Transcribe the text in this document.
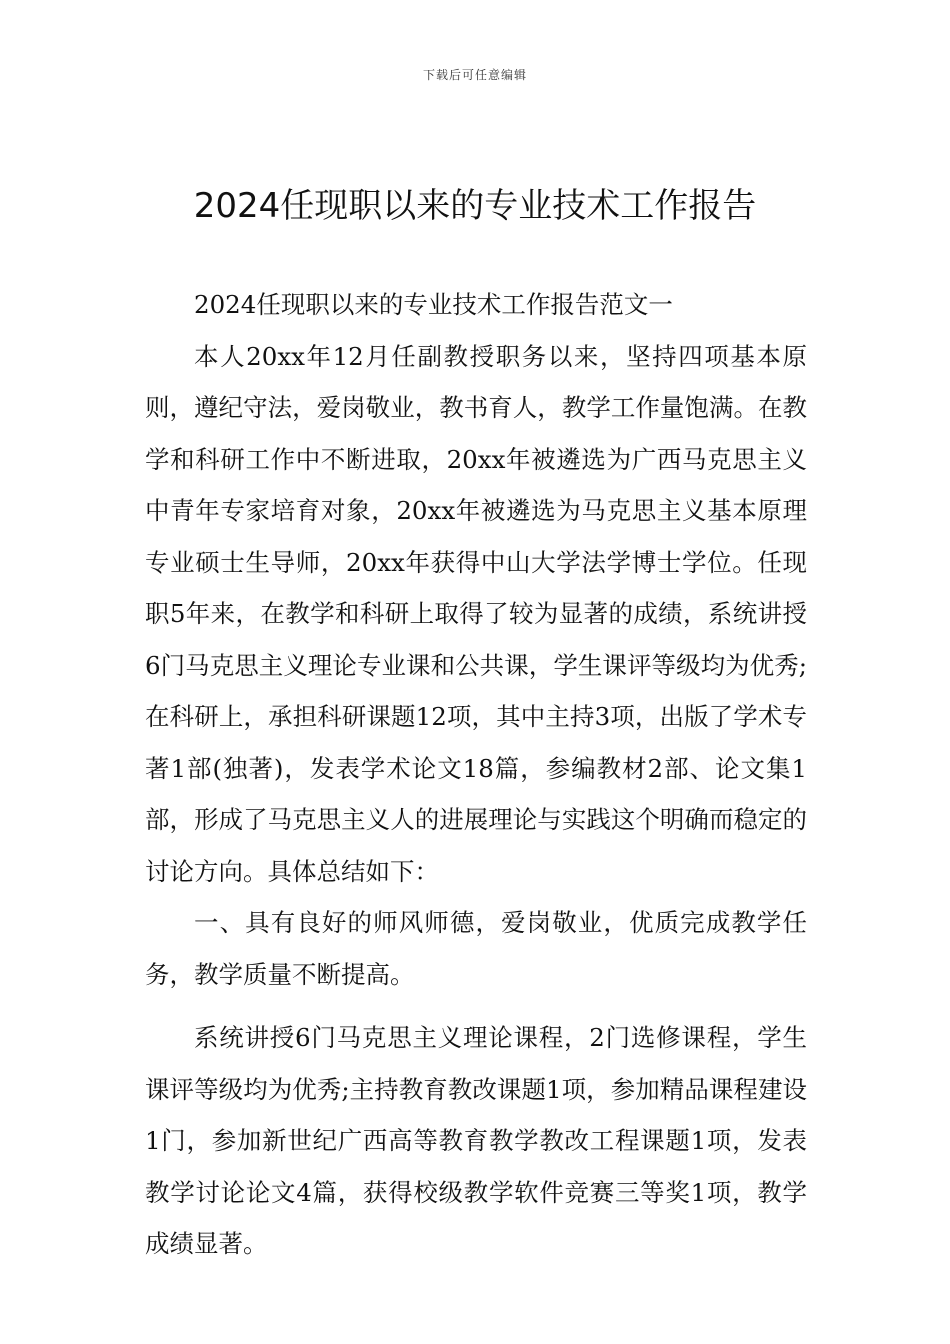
下载后可任意编辑
2024任现职以来的专业技术工作报告

2024任现职以来的专业技术工作报告范文一

本人20xx年12月任副教授职务以来，坚持四项基本原则，遵纪守法，爱岗敬业，教书育人，教学工作量饱满。在教学和科研工作中不断进取，20xx年被遴选为广西马克思主义中青年专家培育对象，20xx年被遴选为马克思主义基本原理专业硕士生导师，20xx年获得中山大学法学博士学位。任现职5年来，在教学和科研上取得了较为显著的成绩，系统讲授6门马克思主义理论专业课和公共课，学生课评等级均为优秀;在科研上，承担科研课题12项，其中主持3项，出版了学术专著1部(独著)，发表学术论文18篇，参编教材2部、论文集1部，形成了马克思主义人的进展理论与实践这个明确而稳定的讨论方向。具体总结如下：

一、具有良好的师风师德，爱岗敬业，优质完成教学任务，教学质量不断提高。

系统讲授6门马克思主义理论课程，2门选修课程，学生课评等级均为优秀;主持教育教改课题1项，参加精品课程建设1门，参加新世纪广西高等教育教学教改工程课题1项，发表教学讨论论文4篇，获得校级教学软件竞赛三等奖1项，教学成绩显著。
